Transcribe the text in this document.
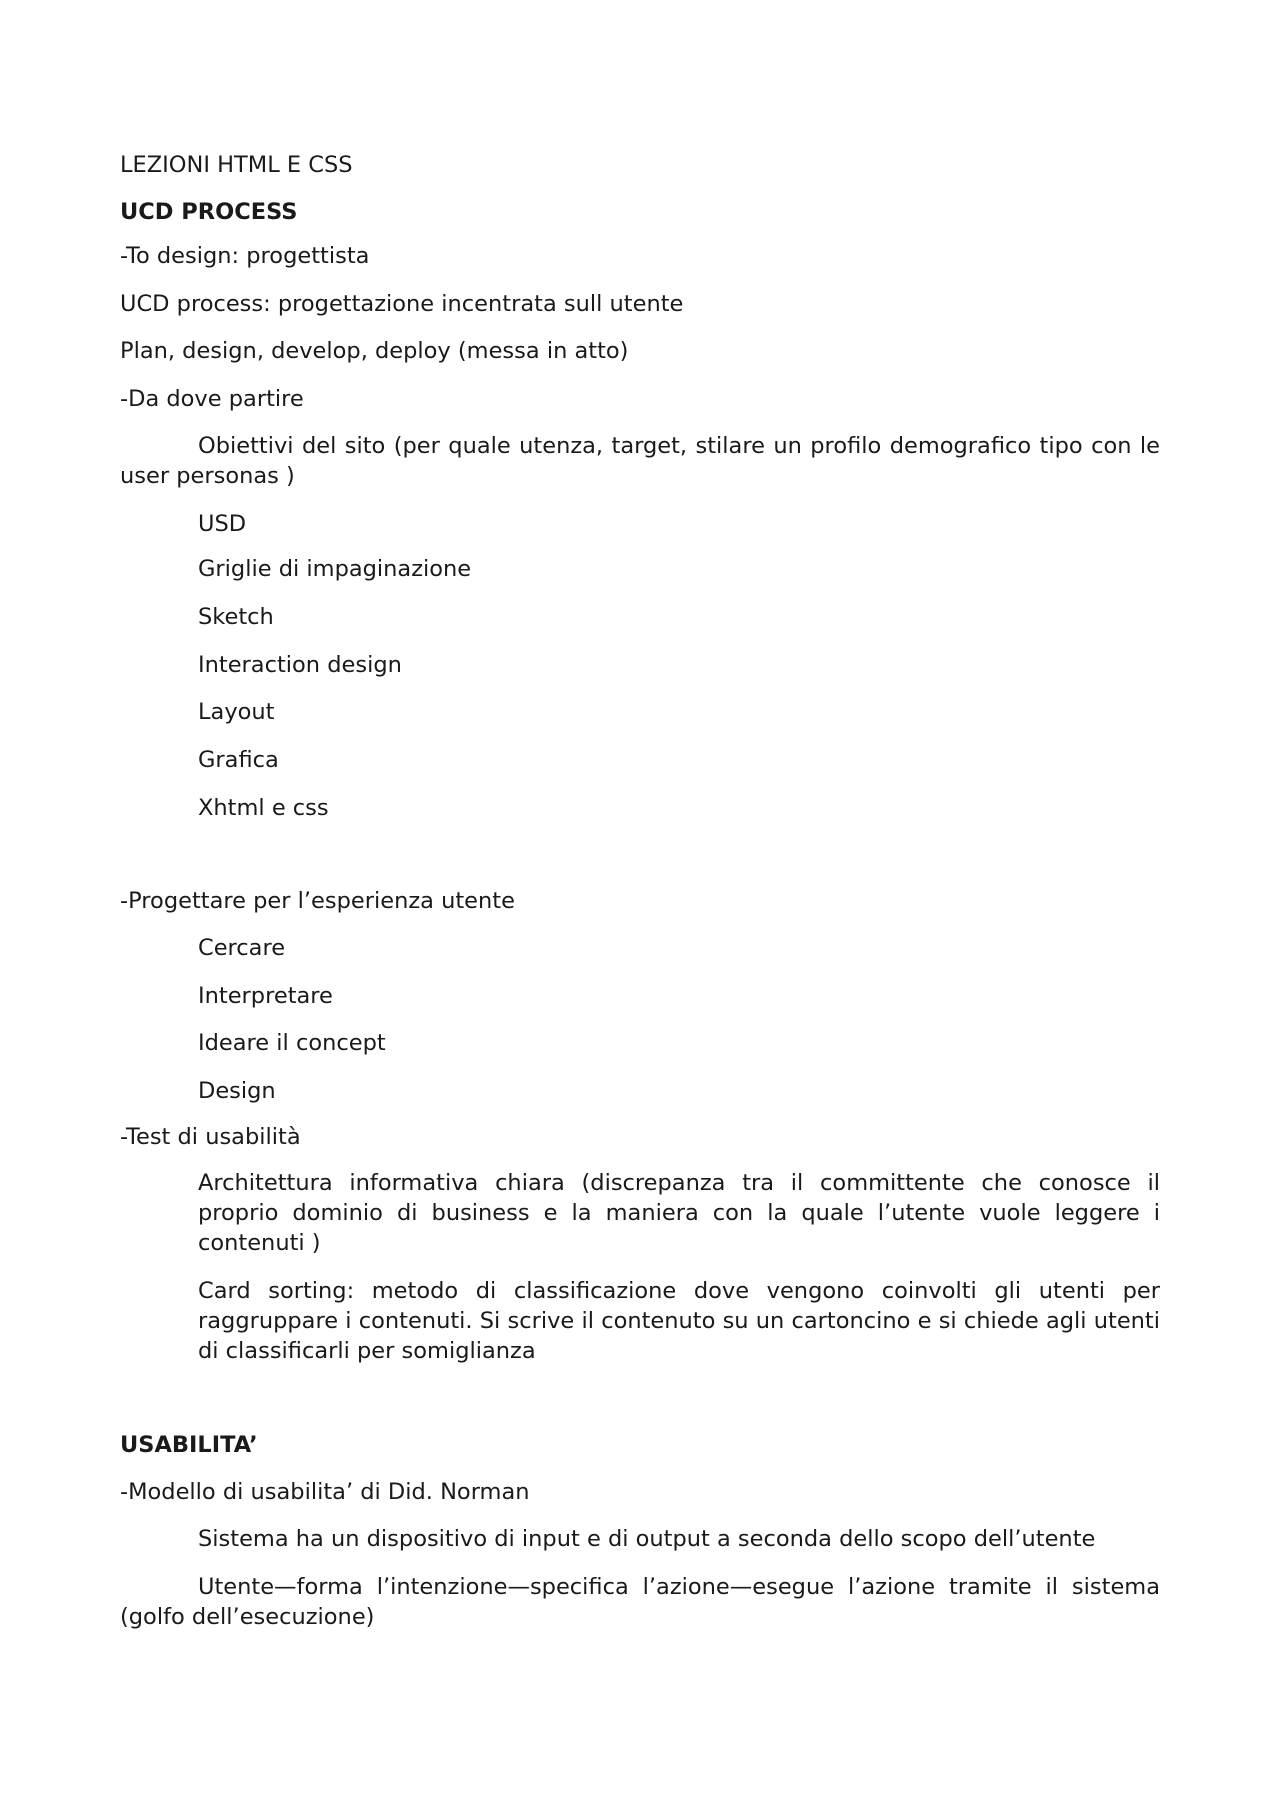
LEZIONI HTML E CSS

UCD PROCESS

-To design: progettista

UCD process: progettazione incentrata sull utente

Plan, design, develop, deploy (messa in atto)

-Da dove partire

Obiettivi del sito (per quale utenza, target, stilare un profilo demografico tipo con le user personas )

USD

Griglie di impaginazione

Sketch

Interaction design

Layout

Grafica

Xhtml e css

-Progettare per l’esperienza utente

Cercare

Interpretare

Ideare il concept

Design

-Test di usabilità

Architettura informativa chiara (discrepanza tra il committente che conosce il proprio dominio di business e la maniera con la quale l’utente vuole leggere i contenuti )

Card sorting: metodo di classificazione dove vengono coinvolti gli utenti per raggruppare i contenuti. Si scrive il contenuto su un cartoncino e si chiede agli utenti di classificarli per somiglianza

USABILITA’

-Modello di usabilita’ di Did. Norman

Sistema ha un dispositivo di input e di output a seconda dello scopo dell’utente

Utente—forma l’intenzione—specifica l’azione—esegue l’azione tramite il sistema (golfo dell’esecuzione)
